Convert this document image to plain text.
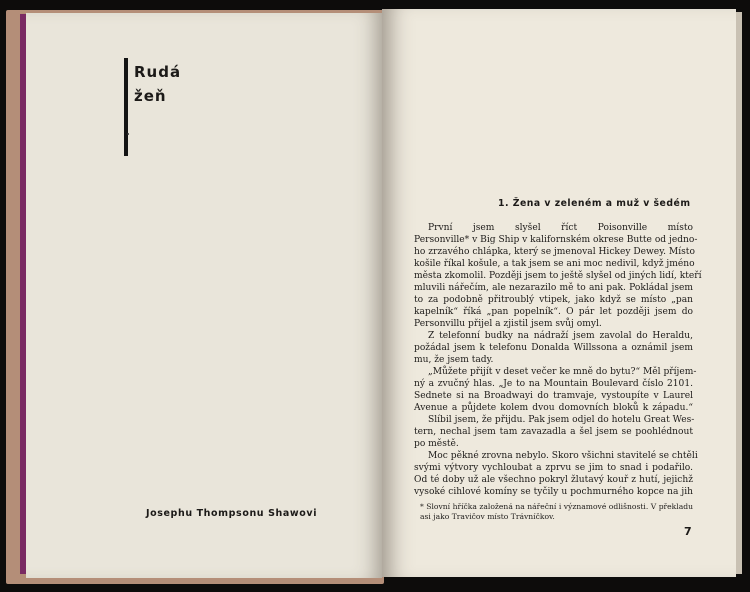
Rudá
žeň
Josephu Thompsonu Shawovi
1. Žena v zeleném a muž v šedém
První jsem slyšel říct Poisonville místo
Personville* v Big Ship v kalifornském okrese Butte od jedno-
ho zrzavého chlápka, který se jmenoval Hickey Dewey. Místo
košile říkal košule, a tak jsem se ani moc nedivil, když jméno
města zkomolil. Později jsem to ještě slyšel od jiných lidí, kteří
mluvili nářečím, ale nezarazilo mě to ani pak. Pokládal jsem
to za podobně přitroublý vtipek, jako když se místo „pan
kapelník“ říká „pan popelník“. O pár let později jsem do
Personvillu přijel a zjistil jsem svůj omyl.
Z telefonní budky na nádraží jsem zavolal do Heraldu,
požádal jsem k telefonu Donalda Willssona a oznámil jsem
mu, že jsem tady.
„Můžete přijít v deset večer ke mně do bytu?“ Měl příjem-
ný a zvučný hlas. „Je to na Mountain Boulevard číslo 2101.
Sednete si na Broadwayi do tramvaje, vystoupíte v Laurel
Avenue a půjdete kolem dvou domovních bloků k západu.“
Slíbil jsem, že přijdu. Pak jsem odjel do hotelu Great Wes-
tern, nechal jsem tam zavazadla a šel jsem se poohlédnout
po městě.
Moc pěkné zrovna nebylo. Skoro všichni stavitelé se chtěli
svými výtvory vychloubat a zprvu se jim to snad i podařilo.
Od té doby už ale všechno pokryl žlutavý kouř z hutí, jejichž
vysoké cihlové komíny se tyčily u pochmurného kopce na jih
* Slovní hříčka založená na nářeční i významové odlišnosti. V překladu
asi jako Travičov místo Trávníčkov.
7
